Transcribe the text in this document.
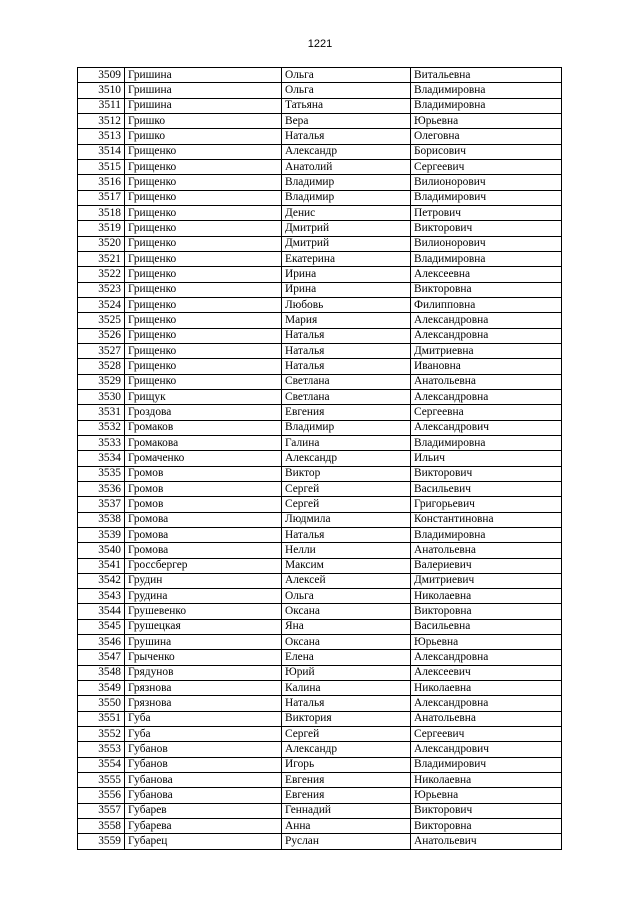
1221
3509	Гришина	Ольга	Витальевна
3510	Гришина	Ольга	Владимировна
3511	Гришина	Татьяна	Владимировна
3512	Гришко	Вера	Юрьевна
3513	Гришко	Наталья	Олеговна
3514	Грищенко	Александр	Борисович
3515	Грищенко	Анатолий	Сергеевич
3516	Грищенко	Владимир	Вилионорович
3517	Грищенко	Владимир	Владимирович
3518	Грищенко	Денис	Петрович
3519	Грищенко	Дмитрий	Викторович
3520	Грищенко	Дмитрий	Вилионорович
3521	Грищенко	Екатерина	Владимировна
3522	Грищенко	Ирина	Алексеевна
3523	Грищенко	Ирина	Викторовна
3524	Грищенко	Любовь	Филипповна
3525	Грищенко	Мария	Александровна
3526	Грищенко	Наталья	Александровна
3527	Грищенко	Наталья	Дмитриевна
3528	Грищенко	Наталья	Ивановна
3529	Грищенко	Светлана	Анатольевна
3530	Грищук	Светлана	Александровна
3531	Гроздова	Евгения	Сергеевна
3532	Громаков	Владимир	Александрович
3533	Громакова	Галина	Владимировна
3534	Громаченко	Александр	Ильич
3535	Громов	Виктор	Викторович
3536	Громов	Сергей	Васильевич
3537	Громов	Сергей	Григорьевич
3538	Громова	Людмила	Константиновна
3539	Громова	Наталья	Владимировна
3540	Громова	Нелли	Анатольевна
3541	Гроссбергер	Максим	Валериевич
3542	Грудин	Алексей	Дмитриевич
3543	Грудина	Ольга	Николаевна
3544	Грушевенко	Оксана	Викторовна
3545	Грушецкая	Яна	Васильевна
3546	Грушина	Оксана	Юрьевна
3547	Грыченко	Елена	Александровна
3548	Грядунов	Юрий	Алексеевич
3549	Грязнова	Калина	Николаевна
3550	Грязнова	Наталья	Александровна
3551	Губа	Виктория	Анатольевна
3552	Губа	Сергей	Сергеевич
3553	Губанов	Александр	Александрович
3554	Губанов	Игорь	Владимирович
3555	Губанова	Евгения	Николаевна
3556	Губанова	Евгения	Юрьевна
3557	Губарев	Геннадий	Викторович
3558	Губарева	Анна	Викторовна
3559	Губарец	Руслан	Анатольевич
